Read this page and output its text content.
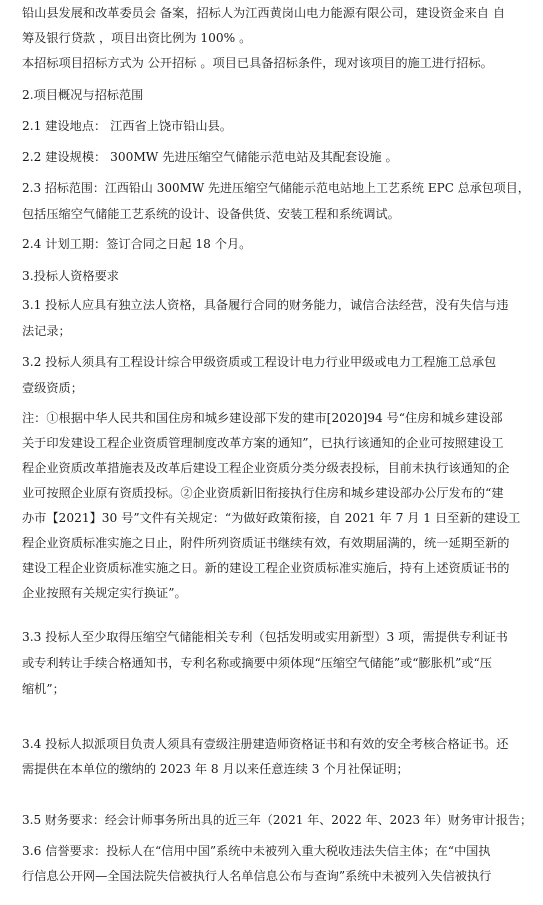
铅山县发展和改革委员会 备案，招标人为江西黄岗山电力能源有限公司，建设资金来自 自
筹及银行贷款 ，项目出资比例为 100% 。
本招标项目招标方式为 公开招标 。项目已具备招标条件，现对该项目的施工进行招标。
2.项目概况与招标范围
2.1 建设地点： 江西省上饶市铅山县。
2.2 建设规模： 300MW 先进压缩空气储能示范电站及其配套设施 。
2.3 招标范围：江西铅山 300MW 先进压缩空气储能示范电站地上工艺系统 EPC 总承包项目，
包括压缩空气储能工艺系统的设计、设备供货、安装工程和系统调试。
2.4 计划工期：签订合同之日起 18 个月。
3.投标人资格要求
3.1 投标人应具有独立法人资格，具备履行合同的财务能力，诚信合法经营，没有失信与违
法记录；
3.2 投标人须具有工程设计综合甲级资质或工程设计电力行业甲级或电力工程施工总承包
壹级资质；
注：①根据中华人民共和国住房和城乡建设部下发的建市[2020]94 号“住房和城乡建设部
关于印发建设工程企业资质管理制度改革方案的通知”，已执行该通知的企业可按照建设工
程企业资质改革措施表及改革后建设工程企业资质分类分级表投标，目前未执行该通知的企
业可按照企业原有资质投标。②企业资质新旧衔接执行住房和城乡建设部办公厅发布的“建
办市【2021】30 号”文件有关规定：“为做好政策衔接，自 2021 年 7 月 1 日至新的建设工
程企业资质标准实施之日止，附件所列资质证书继续有效，有效期届满的，统一延期至新的
建设工程企业资质标准实施之日。新的建设工程企业资质标准实施后，持有上述资质证书的
企业按照有关规定实行换证”。
3.3 投标人至少取得压缩空气储能相关专利（包括发明或实用新型）3 项，需提供专利证书
或专利转让手续合格通知书，专利名称或摘要中须体现“压缩空气储能”或“膨胀机”或“压
缩机”；
3.4 投标人拟派项目负责人须具有壹级注册建造师资格证书和有效的安全考核合格证书。还
需提供在本单位的缴纳的 2023 年 8 月以来任意连续 3 个月社保证明；
3.5 财务要求：经会计师事务所出具的近三年（2021 年、2022 年、2023 年）财务审计报告；
3.6 信誉要求：投标人在“信用中国”系统中未被列入重大税收违法失信主体；在“中国执
行信息公开网—全国法院失信被执行人名单信息公布与查询”系统中未被列入失信被执行
